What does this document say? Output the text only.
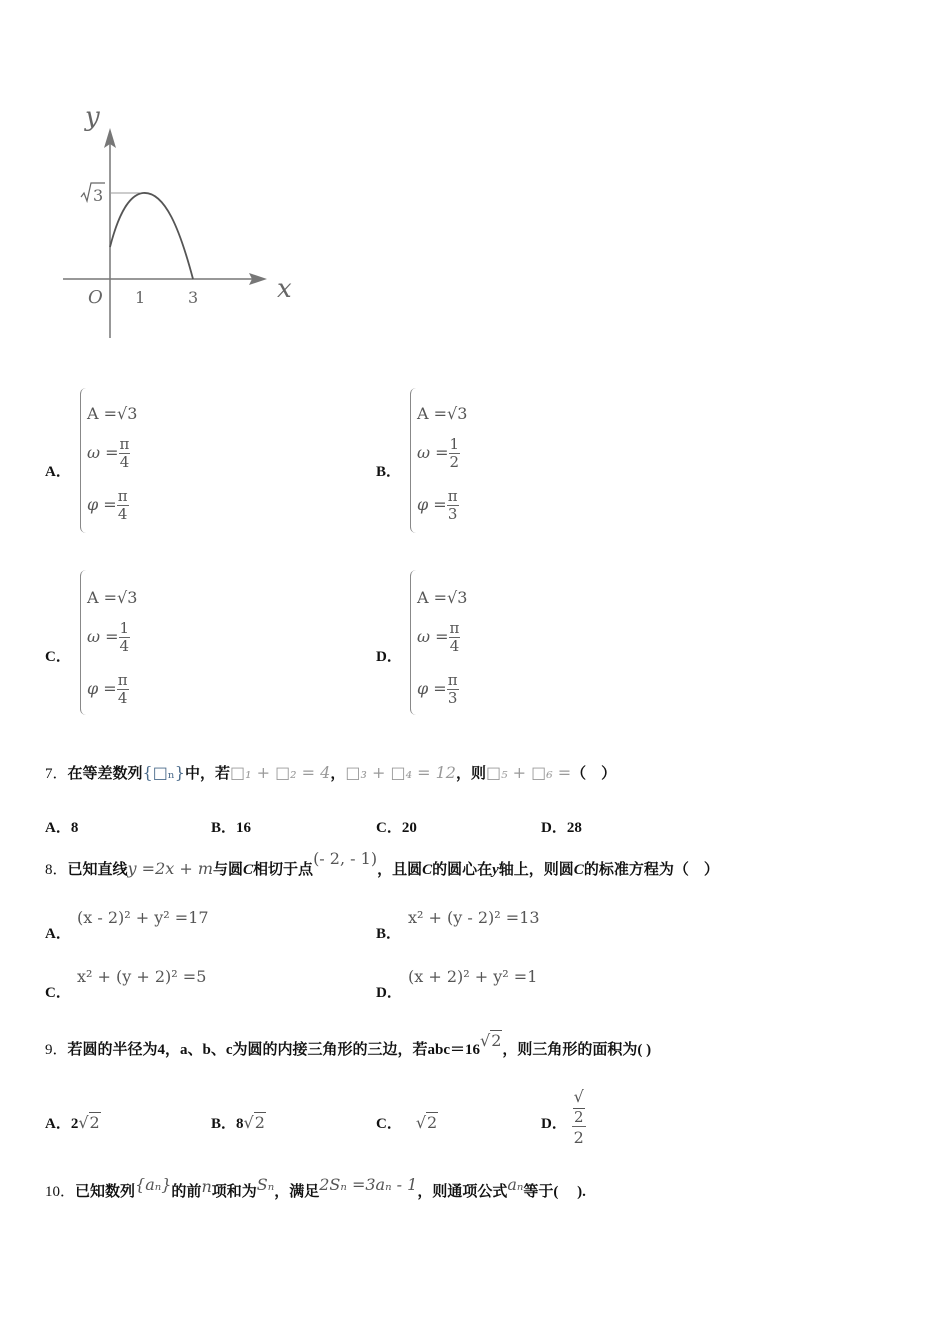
y
x
O 1	3
3
A．
A =√3
$\omega = \frac{\pi}{4}$
$\varphi = \frac{\pi}{4}$
B．
A =√3
$\omega = \frac{1}{2}$
$\varphi = \frac{\pi}{3}$
C．
A =√3
$\omega = \frac{1}{4}$
$\varphi = \frac{\pi}{4}$
D．
A =√3
$\omega = \frac{\pi}{4}$
$\varphi = \frac{\pi}{3}$
7．在等差数列{□ₙ}中，若□₁ + □₂ = 4，□₃ + □₄ = 12，则□₅ + □₆ =（　）
A．8	B．16	C．20	D．28
8．已知直线y =2x + m与圆C相切于点(- 2, - 1)，且圆C的圆心在y轴上，则圆C的标准方程为（　）
A．
(x - 2)² + y² =17
B．
x² + (y - 2)² =13
C．
x² + (y + 2)² =5
D．
(x + 2)² + y² =1
9．若圆的半径为4，a、b、c为圆的内接三角形的三边，若abc＝16√2，则三角形的面积为( )
A．2√2	B．8√2	C． √2	D． √
2
2
10．已知数列{aₙ}的前n项和为Sₙ，满足2Sₙ =3aₙ - 1，则通项公式aₙ等于(　 ).
